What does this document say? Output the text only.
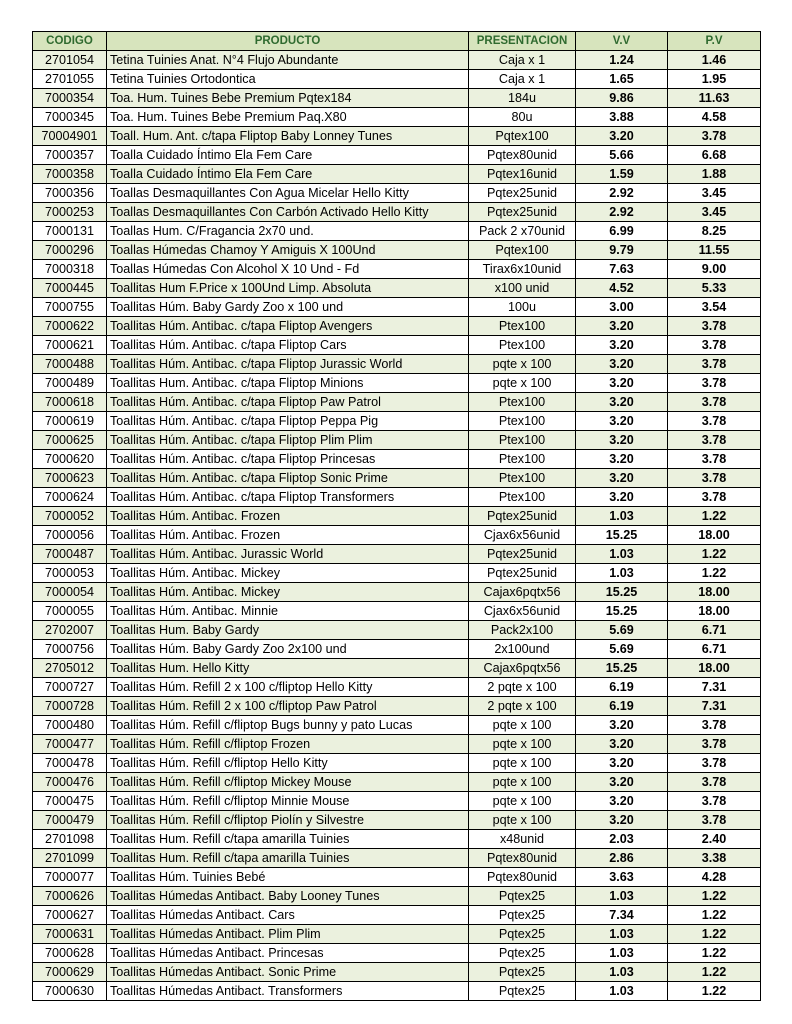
CODIGO	PRODUCTO	PRESENTACION	V.V	P.V
2701054	Tetina Tuinies Anat. N°4 Flujo Abundante	Caja x 1	1.24	1.46
2701055	Tetina Tuinies Ortodontica	Caja x 1	1.65	1.95
7000354	Toa. Hum. Tuines Bebe Premium Pqtex184	184u	9.86	11.63
7000345	Toa. Hum. Tuines Bebe Premium Paq.X80	80u	3.88	4.58
70004901	Toall. Hum. Ant. c/tapa Fliptop Baby Lonney Tunes	Pqtex100	3.20	3.78
7000357	Toalla Cuidado Íntimo Ela Fem Care	Pqtex80unid	5.66	6.68
7000358	Toalla Cuidado Íntimo Ela Fem Care	Pqtex16unid	1.59	1.88
7000356	Toallas Desmaquillantes Con Agua Micelar Hello Kitty	Pqtex25unid	2.92	3.45
7000253	Toallas Desmaquillantes Con Carbón Activado Hello Kitty	Pqtex25unid	2.92	3.45
7000131	Toallas Hum. C/Fragancia 2x70 und.	Pack 2 x70unid	6.99	8.25
7000296	Toallas Húmedas Chamoy Y Amiguis X 100Und	Pqtex100	9.79	11.55
7000318	Toallas Húmedas Con Alcohol X 10 Und - Fd	Tirax6x10unid	7.63	9.00
7000445	Toallitas Hum F.Price x 100Und Limp. Absoluta	x100 unid	4.52	5.33
7000755	Toallitas Húm. Baby Gardy Zoo x 100 und	100u	3.00	3.54
7000622	Toallitas Húm. Antibac. c/tapa Fliptop Avengers	Ptex100	3.20	3.78
7000621	Toallitas Húm. Antibac. c/tapa Fliptop Cars	Ptex100	3.20	3.78
7000488	Toallitas Húm. Antibac. c/tapa Fliptop Jurassic World	pqte x 100	3.20	3.78
7000489	Toallitas Hum. Antibac. c/tapa Fliptop Minions	pqte x 100	3.20	3.78
7000618	Toallitas Húm. Antibac. c/tapa Fliptop Paw Patrol	Ptex100	3.20	3.78
7000619	Toallitas Húm. Antibac. c/tapa Fliptop Peppa Pig	Ptex100	3.20	3.78
7000625	Toallitas Húm. Antibac. c/tapa Fliptop Plim Plim	Ptex100	3.20	3.78
7000620	Toallitas Húm. Antibac. c/tapa Fliptop Princesas	Ptex100	3.20	3.78
7000623	Toallitas Húm. Antibac. c/tapa Fliptop Sonic Prime	Ptex100	3.20	3.78
7000624	Toallitas Húm. Antibac. c/tapa Fliptop Transformers	Ptex100	3.20	3.78
7000052	Toallitas Húm. Antibac. Frozen	Pqtex25unid	1.03	1.22
7000056	Toallitas Húm. Antibac. Frozen	Cjax6x56unid	15.25	18.00
7000487	Toallitas Húm. Antibac. Jurassic World	Pqtex25unid	1.03	1.22
7000053	Toallitas Húm. Antibac. Mickey	Pqtex25unid	1.03	1.22
7000054	Toallitas Húm. Antibac. Mickey	Cajax6pqtx56	15.25	18.00
7000055	Toallitas Húm. Antibac. Minnie	Cjax6x56unid	15.25	18.00
2702007	Toallitas Hum. Baby Gardy	Pack2x100	5.69	6.71
7000756	Toallitas Húm. Baby Gardy Zoo 2x100 und	2x100und	5.69	6.71
2705012	Toallitas Hum. Hello Kitty	Cajax6pqtx56	15.25	18.00
7000727	Toallitas Húm. Refill 2 x 100 c/fliptop Hello Kitty	2 pqte x 100	6.19	7.31
7000728	Toallitas Húm. Refill 2 x 100 c/fliptop Paw Patrol	2 pqte x 100	6.19	7.31
7000480	Toallitas Húm. Refill c/fliptop Bugs bunny y pato Lucas	pqte x 100	3.20	3.78
7000477	Toallitas Húm. Refill c/fliptop Frozen	pqte x 100	3.20	3.78
7000478	Toallitas Húm. Refill c/fliptop Hello Kitty	pqte x 100	3.20	3.78
7000476	Toallitas Húm. Refill c/fliptop Mickey Mouse	pqte x 100	3.20	3.78
7000475	Toallitas Húm. Refill c/fliptop Minnie Mouse	pqte x 100	3.20	3.78
7000479	Toallitas Húm. Refill c/fliptop Piolín y Silvestre	pqte x 100	3.20	3.78
2701098	Toallitas Hum. Refill c/tapa amarilla Tuinies	x48unid	2.03	2.40
2701099	Toallitas Hum. Refill c/tapa amarilla Tuinies	Pqtex80unid	2.86	3.38
7000077	Toallitas Húm. Tuinies Bebé	Pqtex80unid	3.63	4.28
7000626	Toallitas Húmedas Antibact. Baby Looney Tunes	Pqtex25	1.03	1.22
7000627	Toallitas Húmedas Antibact. Cars	Pqtex25	7.34	1.22
7000631	Toallitas Húmedas Antibact. Plim Plim	Pqtex25	1.03	1.22
7000628	Toallitas Húmedas Antibact. Princesas	Pqtex25	1.03	1.22
7000629	Toallitas Húmedas Antibact. Sonic Prime	Pqtex25	1.03	1.22
7000630	Toallitas Húmedas Antibact. Transformers	Pqtex25	1.03	1.22
